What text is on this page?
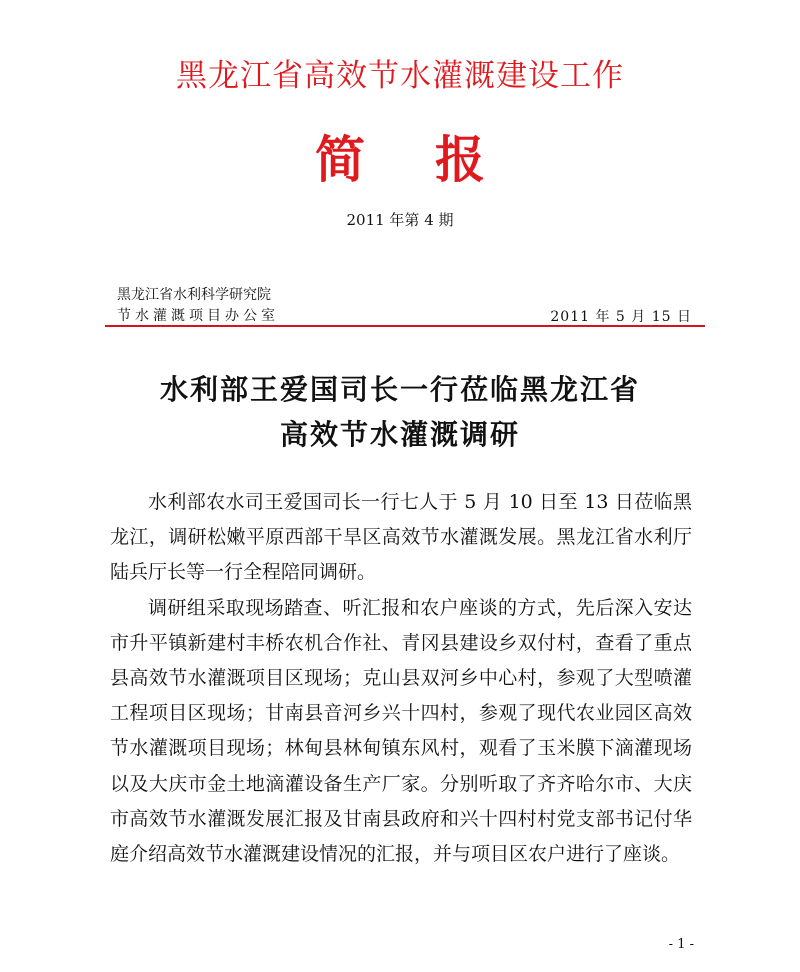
黑龙江省高效节水灌溉建设工作
简报
2011 年第 4 期
黑龙江省水利科学研究院
节水灌溉项目办公室	2011 年 5 月 15 日
水利部王爱国司长一行莅临黑龙江省
高效节水灌溉调研

水利部农水司王爱国司长一行七人于 5 月 10 日至 13 日莅临黑龙江，调研松嫩平原西部干旱区高效节水灌溉发展。黑龙江省水利厅陆兵厅长等一行全程陪同调研。

调研组采取现场踏查、听汇报和农户座谈的方式，先后深入安达市升平镇新建村丰桥农机合作社、青冈县建设乡双付村，查看了重点县高效节水灌溉项目区现场；克山县双河乡中心村，参观了大型喷灌工程项目区现场；甘南县音河乡兴十四村，参观了现代农业园区高效节水灌溉项目现场；林甸县林甸镇东风村，观看了玉米膜下滴灌现场以及大庆市金土地滴灌设备生产厂家。分别听取了齐齐哈尔市、大庆市高效节水灌溉发展汇报及甘南县政府和兴十四村村党支部书记付华庭介绍高效节水灌溉建设情况的汇报，并与项目区农户进行了座谈。

- 1 -
